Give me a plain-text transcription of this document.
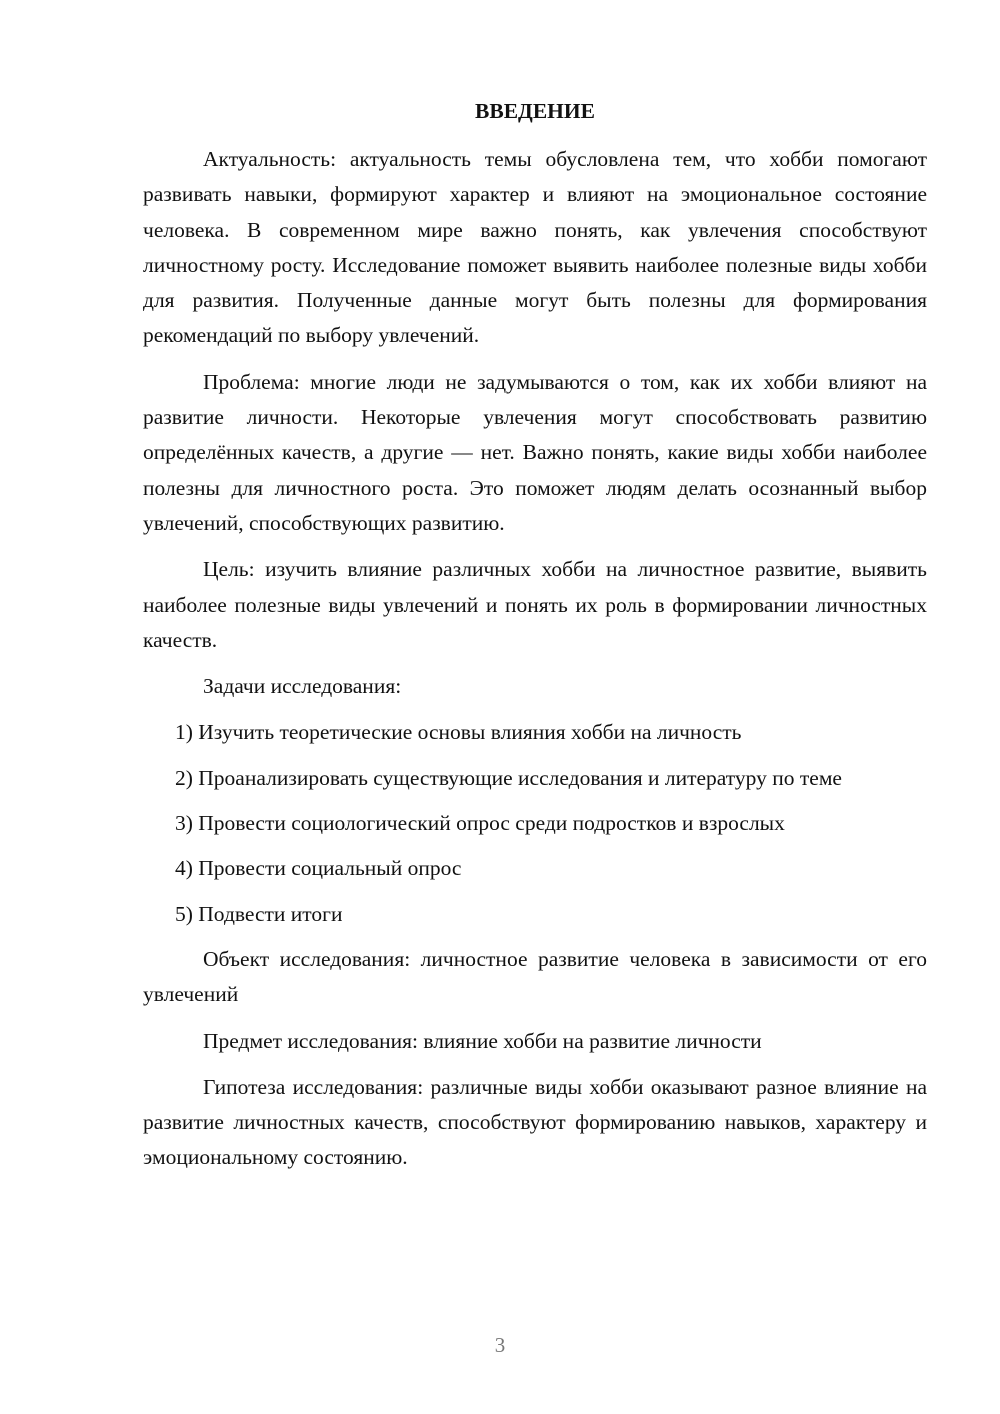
ВВЕДЕНИЕ

Актуальность: актуальность темы обусловлена тем, что хобби помогают развивать навыки, формируют характер и влияют на эмоциональное состояние человека. В современном мире важно понять, как увлечения способствуют личностному росту. Исследование поможет выявить наиболее полезные виды хобби для развития. Полученные данные могут быть полезны для формирования рекомендаций по выбору увлечений.

Проблема: многие люди не задумываются о том, как их хобби влияют на развитие личности. Некоторые увлечения могут способствовать развитию определённых качеств, а другие — нет. Важно понять, какие виды хобби наиболее полезны для личностного роста. Это поможет людям делать осознанный выбор увлечений, способствующих развитию.

Цель: изучить влияние различных хобби на личностное развитие, выявить наиболее полезные виды увлечений и понять их роль в формировании личностных качеств.

Задачи исследования:

1) Изучить теоретические основы влияния хобби на личность

2) Проанализировать существующие исследования и литературу по теме

3) Провести социологический опрос среди подростков и взрослых

4) Провести социальный опрос

5) Подвести итоги

Объект исследования: личностное развитие человека в зависимости от его увлечений

Предмет исследования: влияние хобби на развитие личности

Гипотеза исследования: различные виды хобби оказывают разное влияние на развитие личностных качеств, способствуют формированию навыков, характеру и эмоциональному состоянию.

3
